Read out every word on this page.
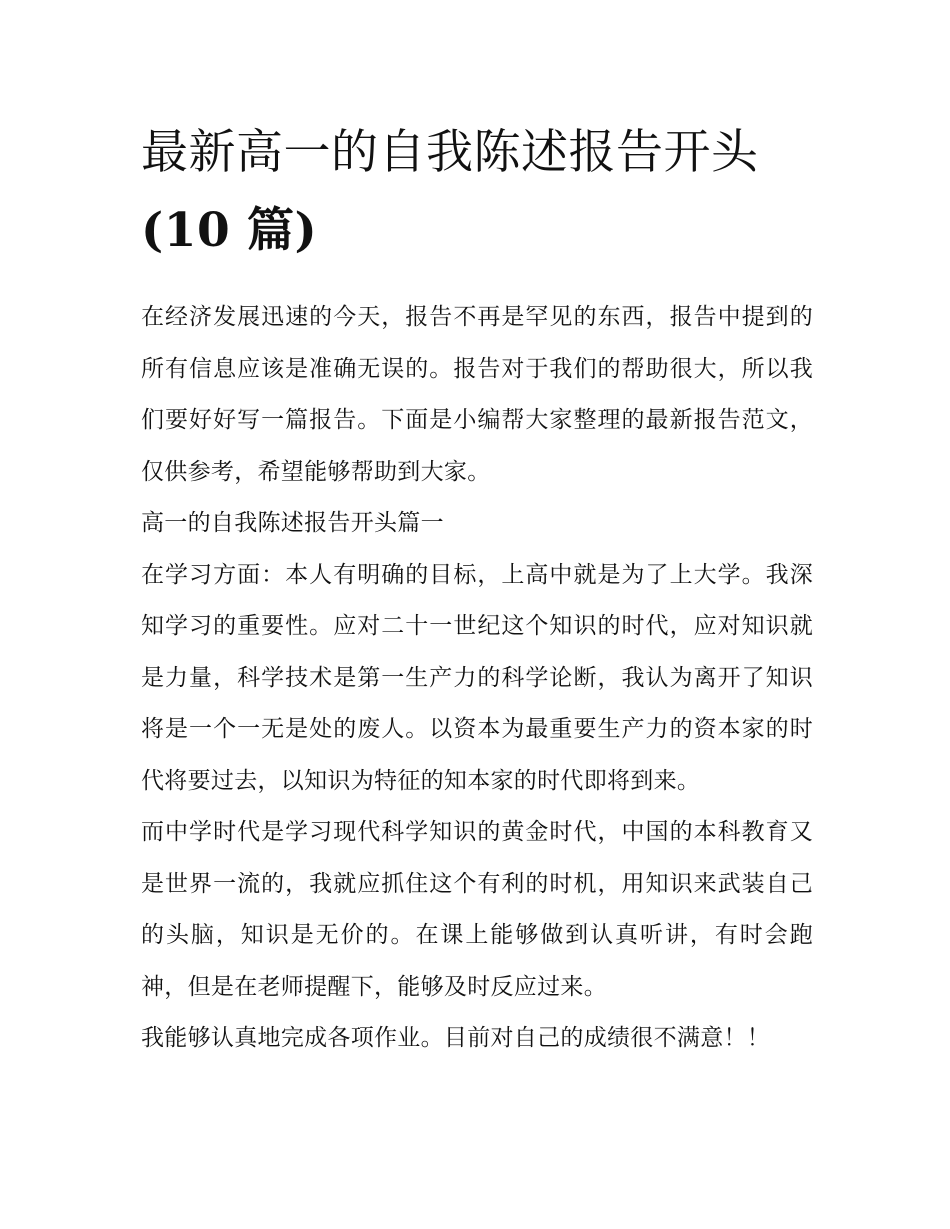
最新高一的自我陈述报告开头
(10 篇)

在经济发展迅速的今天，报告不再是罕见的东西，报告中提到的所有信息应该是准确无误的。报告对于我们的帮助很大，所以我们要好好写一篇报告。下面是小编帮大家整理的最新报告范文，仅供参考，希望能够帮助到大家。

高一的自我陈述报告开头篇一

在学习方面：本人有明确的目标，上高中就是为了上大学。我深知学习的重要性。应对二十一世纪这个知识的时代，应对知识就是力量，科学技术是第一生产力的科学论断，我认为离开了知识将是一个一无是处的废人。以资本为最重要生产力的资本家的时代将要过去，以知识为特征的知本家的时代即将到来。

而中学时代是学习现代科学知识的黄金时代，中国的本科教育又是世界一流的，我就应抓住这个有利的时机，用知识来武装自己的头脑，知识是无价的。在课上能够做到认真听讲，有时会跑神，但是在老师提醒下，能够及时反应过来。

我能够认真地完成各项作业。目前对自己的成绩很不满意！！
